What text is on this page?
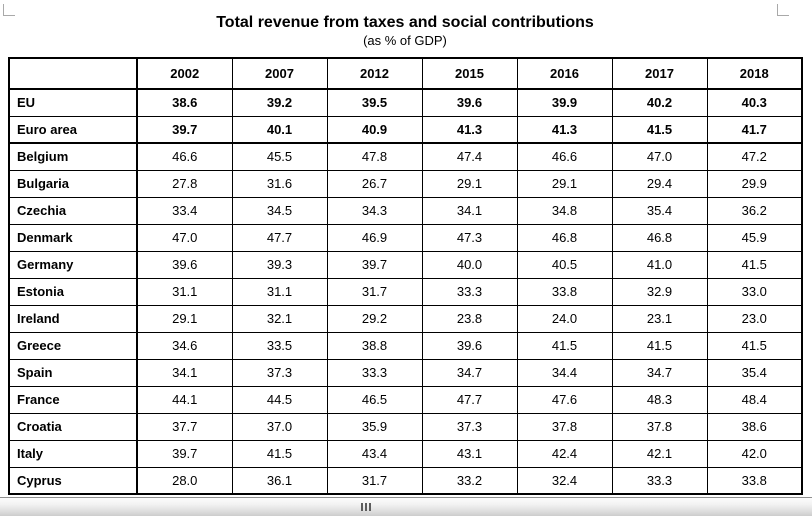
Total revenue from taxes and social contributions
(as % of GDP)
	2002	2007	2012	2015	2016	2017	2018
EU	38.6	39.2	39.5	39.6	39.9	40.2	40.3
Euro area	39.7	40.1	40.9	41.3	41.3	41.5	41.7
Belgium	46.6	45.5	47.8	47.4	46.6	47.0	47.2
Bulgaria	27.8	31.6	26.7	29.1	29.1	29.4	29.9
Czechia	33.4	34.5	34.3	34.1	34.8	35.4	36.2
Denmark	47.0	47.7	46.9	47.3	46.8	46.8	45.9
Germany	39.6	39.3	39.7	40.0	40.5	41.0	41.5
Estonia	31.1	31.1	31.7	33.3	33.8	32.9	33.0
Ireland	29.1	32.1	29.2	23.8	24.0	23.1	23.0
Greece	34.6	33.5	38.8	39.6	41.5	41.5	41.5
Spain	34.1	37.3	33.3	34.7	34.4	34.7	35.4
France	44.1	44.5	46.5	47.7	47.6	48.3	48.4
Croatia	37.7	37.0	35.9	37.3	37.8	37.8	38.6
Italy	39.7	41.5	43.4	43.1	42.4	42.1	42.0
Cyprus	28.0	36.1	31.7	33.2	32.4	33.3	33.8
